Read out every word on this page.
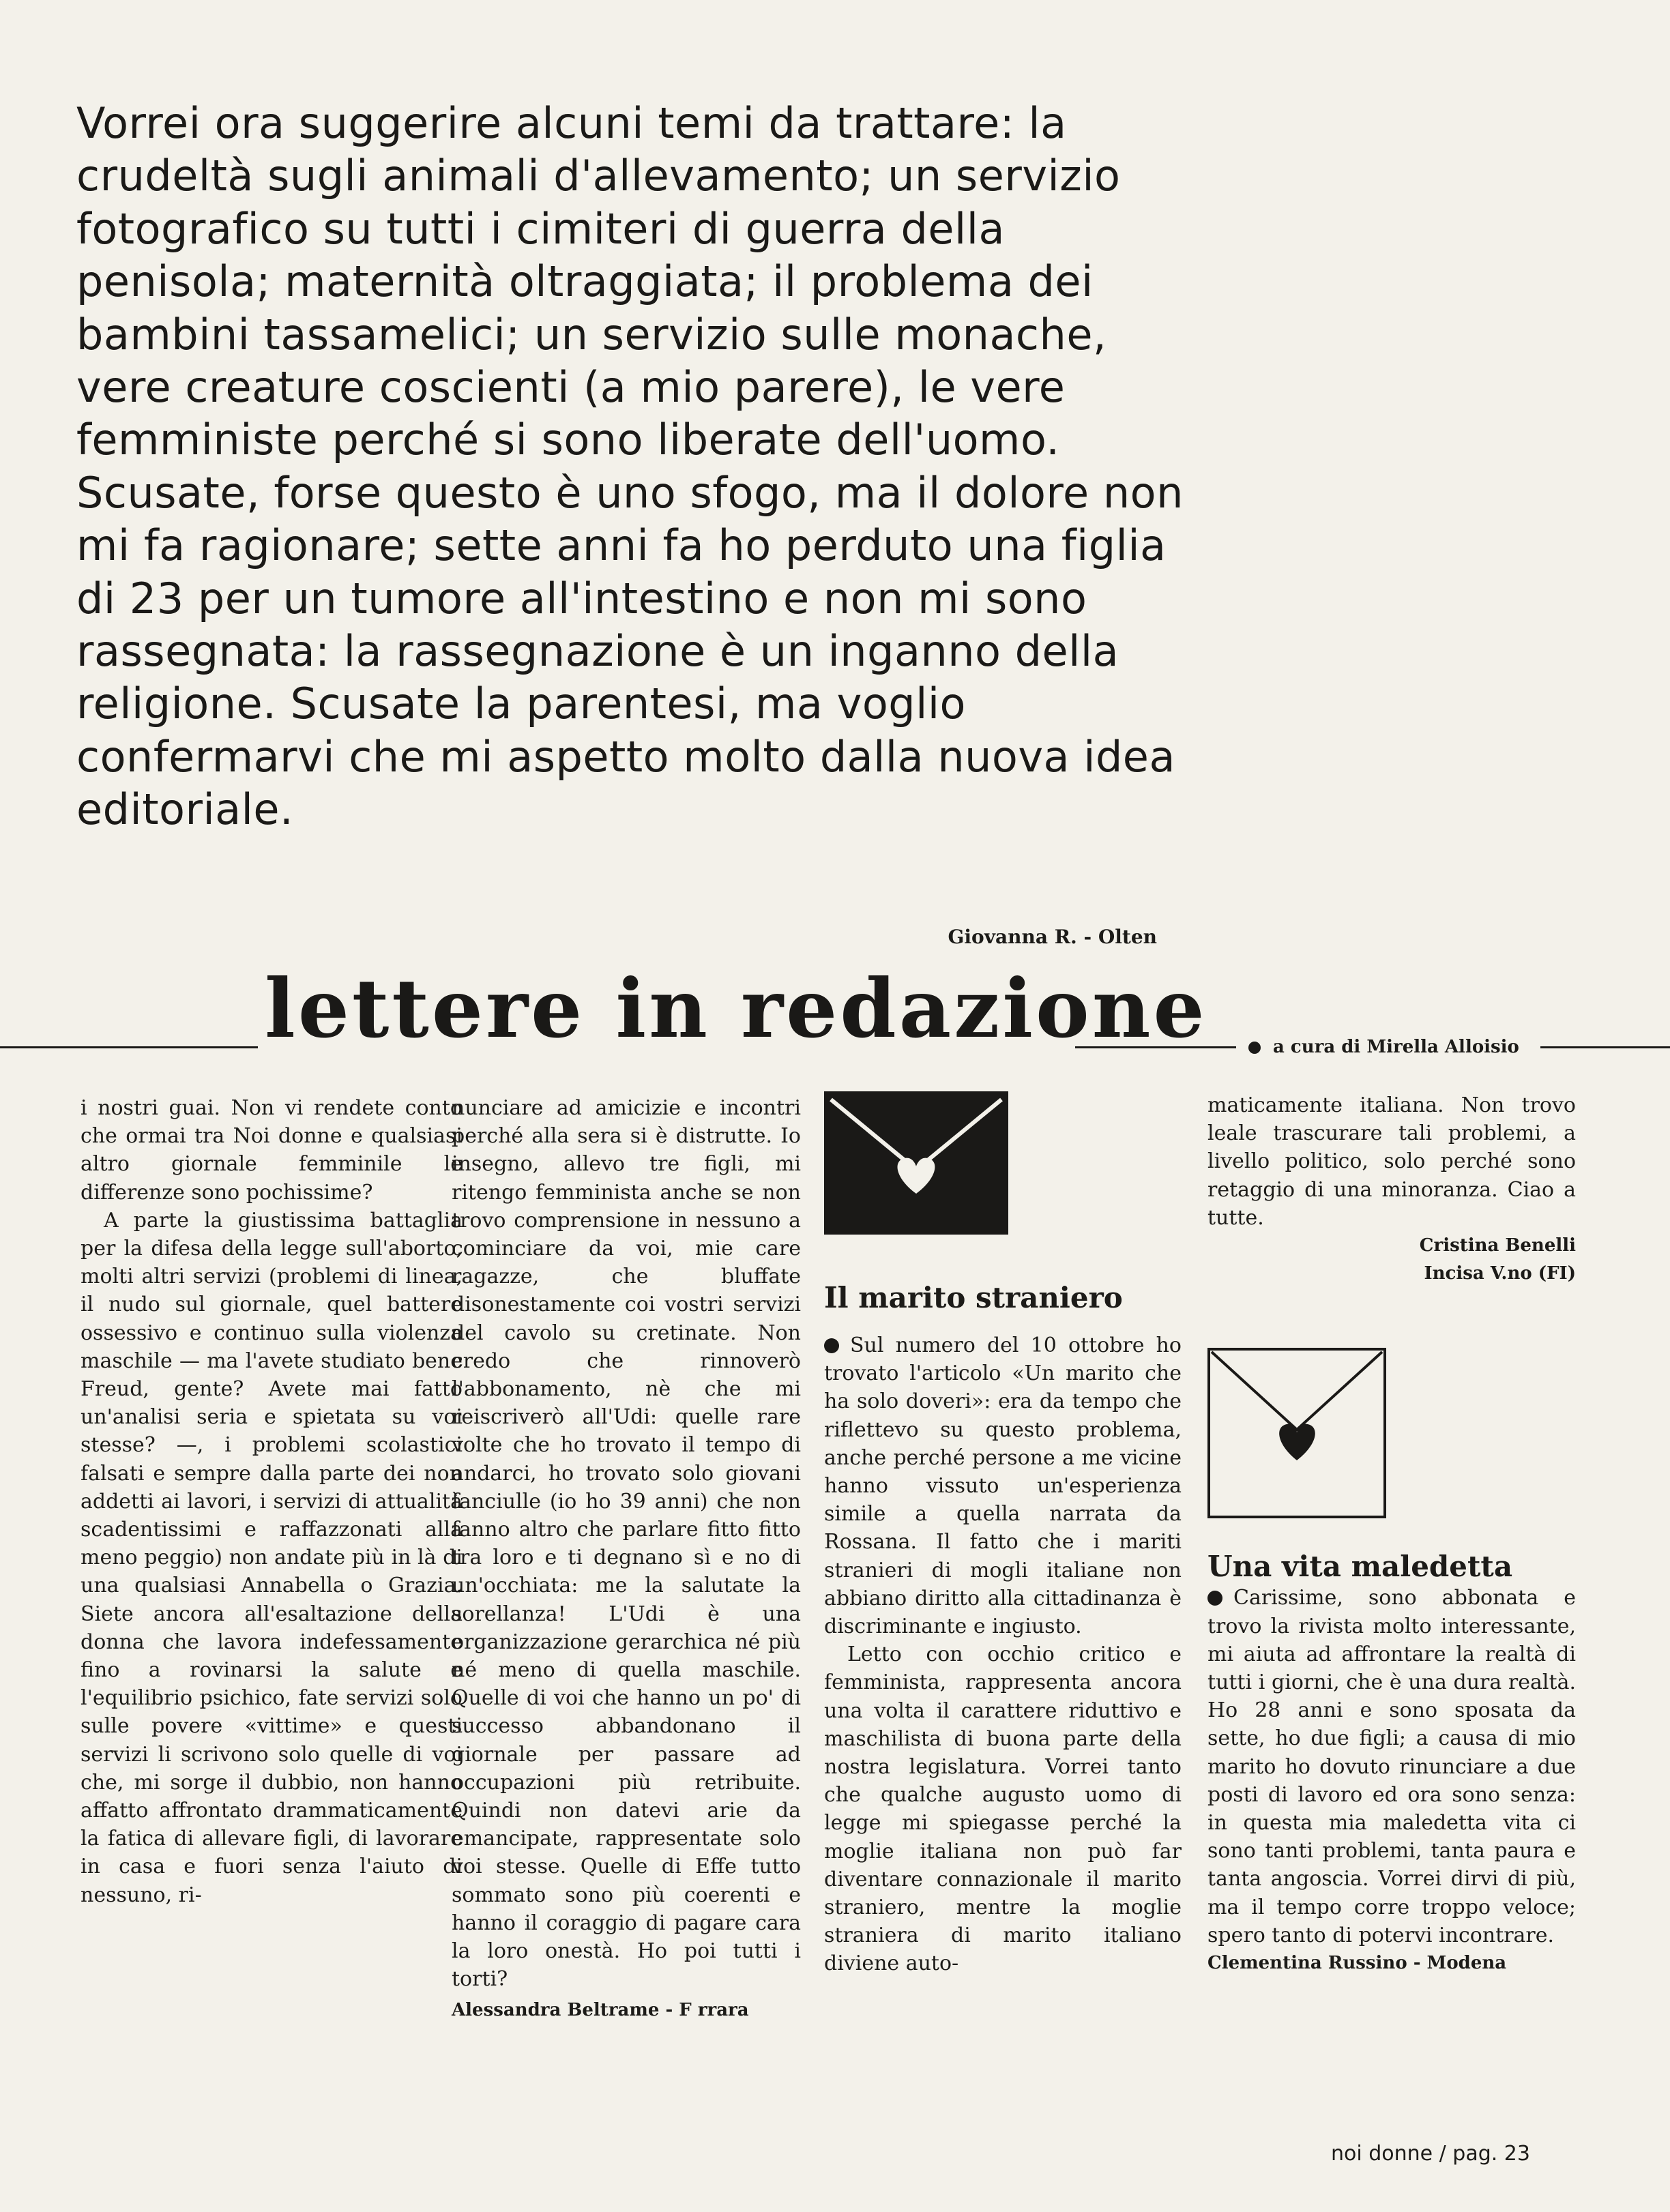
Vorrei ora suggerire alcuni temi da trattare: la crudeltà sugli animali d'allevamento; un servizio fotografico su tutti i cimiteri di guerra della penisola; maternità oltraggiata; il problema dei bambini tassamelici; un servizio sulle monache, vere creature coscienti (a mio parere), le vere femministe perché si sono liberate dell'uomo. Scusate, forse questo è uno sfogo, ma il dolore non mi fa ragionare; sette anni fa ho perduto una figlia di 23 per un tumore all'intestino e non mi sono rassegnata: la rassegnazione è un inganno della religione. Scusate la parentesi, ma voglio confermarvi che mi aspetto molto dalla nuova idea editoriale.
Giovanna R. - Olten
lettere in redazione	a cura di Mirella Alloisio

i nostri guai. Non vi rendete conto che ormai tra Noi donne e qualsiasi altro giornale femminile le differenze sono pochissime?

A parte la giustissima battaglia per la difesa della legge sull'aborto, molti altri servizi (problemi di linea, il nudo sul giornale, quel battere ossessivo e continuo sulla violenza maschile — ma l'avete studiato bene Freud, gente? Avete mai fatto un'analisi seria e spietata su voi stesse? —, i problemi scolastici falsati e sempre dalla parte dei non addetti ai lavori, i servizi di attualità scadentissimi e raffazzonati alla meno peggio) non andate più in là di una qualsiasi Annabella o Grazia. Siete ancora all'esaltazione della donna che lavora indefessamente fino a rovinarsi la salute e l'equilibrio psichico, fate servizi solo sulle povere «vittime» e questi servizi li scrivono solo quelle di voi che, mi sorge il dubbio, non hanno affatto affrontato drammaticamente la fatica di allevare figli, di lavorare in casa e fuori senza l'aiuto di nessuno, ri-

nunciare ad amicizie e incontri perché alla sera si è distrutte. Io insegno, allevo tre figli, mi ritengo femminista anche se non trovo comprensione in nessuno a cominciare da voi, mie care ragazze, che bluffate disonestamente coi vostri servizi del cavolo su cretinate. Non credo che rinnoverò l'abbonamento, nè che mi reiscriverò all'Udi: quelle rare volte che ho trovato il tempo di andarci, ho trovato solo giovani fanciulle (io ho 39 anni) che non fanno altro che parlare fitto fitto tra loro e ti degnano sì e no di un'occhiata: me la salutate la sorellanza! L'Udi è una organizzazione gerarchica né più né meno di quella maschile. Quelle di voi che hanno un po' di successo abbandonano il giornale per passare ad occupazioni più retribuite. Quindi non datevi arie da emancipate, rappresentate solo voi stesse. Quelle di Effe tutto sommato sono più coerenti e hanno il coraggio di pagare cara la loro onestà. Ho poi tutti i torti?

Alessandra Beltrame - F rrara

Il marito straniero

Sul numero del 10 ottobre ho trovato l'articolo «Un marito che ha solo doveri»: era da tempo che riflettevo su questo problema, anche perché persone a me vicine hanno vissuto un'esperienza simile a quella narrata da Rossana. Il fatto che i mariti stranieri di mogli italiane non abbiano diritto alla cittadinanza è discriminante e ingiusto.

Letto con occhio critico e femminista, rappresenta ancora una volta il carattere riduttivo e maschilista di buona parte della nostra legislatura. Vorrei tanto che qualche augusto uomo di legge mi spiegasse perché la moglie italiana non può far diventare connazionale il marito straniero, mentre la moglie straniera di marito italiano diviene auto-

maticamente italiana. Non trovo leale trascurare tali problemi, a livello politico, solo perché sono retaggio di una minoranza. Ciao a tutte.

Cristina Benelli
Incisa V.no (FI)
Una vita maledetta

Carissime, sono abbonata e trovo la rivista molto interessante, mi aiuta ad affrontare la realtà di tutti i giorni, che è una dura realtà. Ho 28 anni e sono sposata da sette, ho due figli; a causa di mio marito ho dovuto rinunciare a due posti di lavoro ed ora sono senza: in questa mia maledetta vita ci sono tanti problemi, tanta paura e tanta angoscia. Vorrei dirvi di più, ma il tempo corre troppo veloce; spero tanto di potervi incontrare.

Clementina Russino - Modena
noi donne / pag. 23
